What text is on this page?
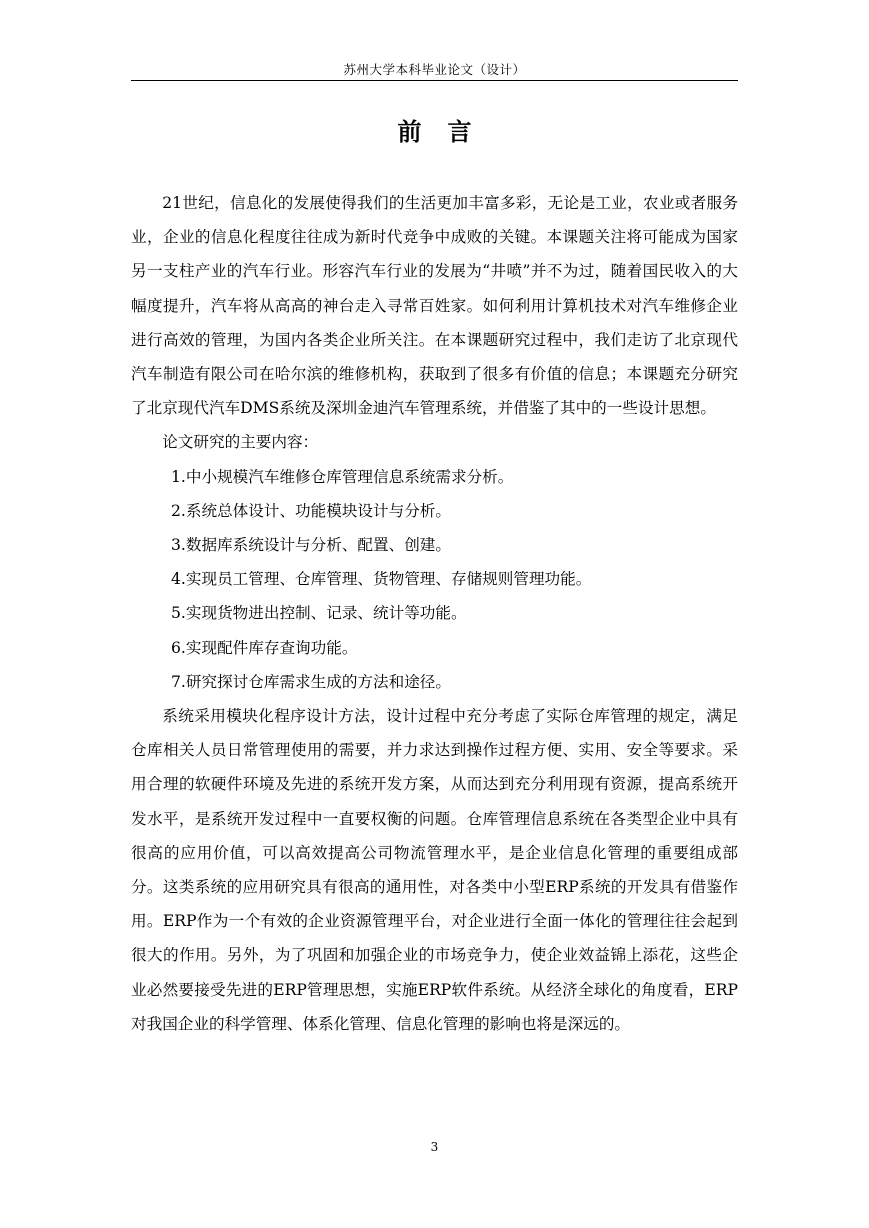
苏州大学本科毕业论文（设计）
前言

21世纪，信息化的发展使得我们的生活更加丰富多彩，无论是工业，农业或者服务业，企业的信息化程度往往成为新时代竞争中成败的关键。本课题关注将可能成为国家另一支柱产业的汽车行业。形容汽车行业的发展为“井喷”并不为过，随着国民收入的大幅度提升，汽车将从高高的神台走入寻常百姓家。如何利用计算机技术对汽车维修企业进行高效的管理，为国内各类企业所关注。在本课题研究过程中，我们走访了北京现代汽车制造有限公司在哈尔滨的维修机构，获取到了很多有价值的信息；本课题充分研究了北京现代汽车DMS系统及深圳金迪汽车管理系统，并借鉴了其中的一些设计思想。

论文研究的主要内容：

1.中小规模汽车维修仓库管理信息系统需求分析。

2.系统总体设计、功能模块设计与分析。

3.数据库系统设计与分析、配置、创建。

4.实现员工管理、仓库管理、货物管理、存储规则管理功能。

5.实现货物进出控制、记录、统计等功能。

6.实现配件库存查询功能。

7.研究探讨仓库需求生成的方法和途径。

系统采用模块化程序设计方法，设计过程中充分考虑了实际仓库管理的规定，满足仓库相关人员日常管理使用的需要，并力求达到操作过程方便、实用、安全等要求。采用合理的软硬件环境及先进的系统开发方案，从而达到充分利用现有资源，提高系统开发水平，是系统开发过程中一直要权衡的问题。仓库管理信息系统在各类型企业中具有很高的应用价值，可以高效提高公司物流管理水平，是企业信息化管理的重要组成部分。这类系统的应用研究具有很高的通用性，对各类中小型ERP系统的开发具有借鉴作用。ERP作为一个有效的企业资源管理平台，对企业进行全面一体化的管理往往会起到很大的作用。另外，为了巩固和加强企业的市场竞争力，使企业效益锦上添花，这些企业必然要接受先进的ERP管理思想，实施ERP软件系统。从经济全球化的角度看，ERP对我国企业的科学管理、体系化管理、信息化管理的影响也将是深远的。

3
